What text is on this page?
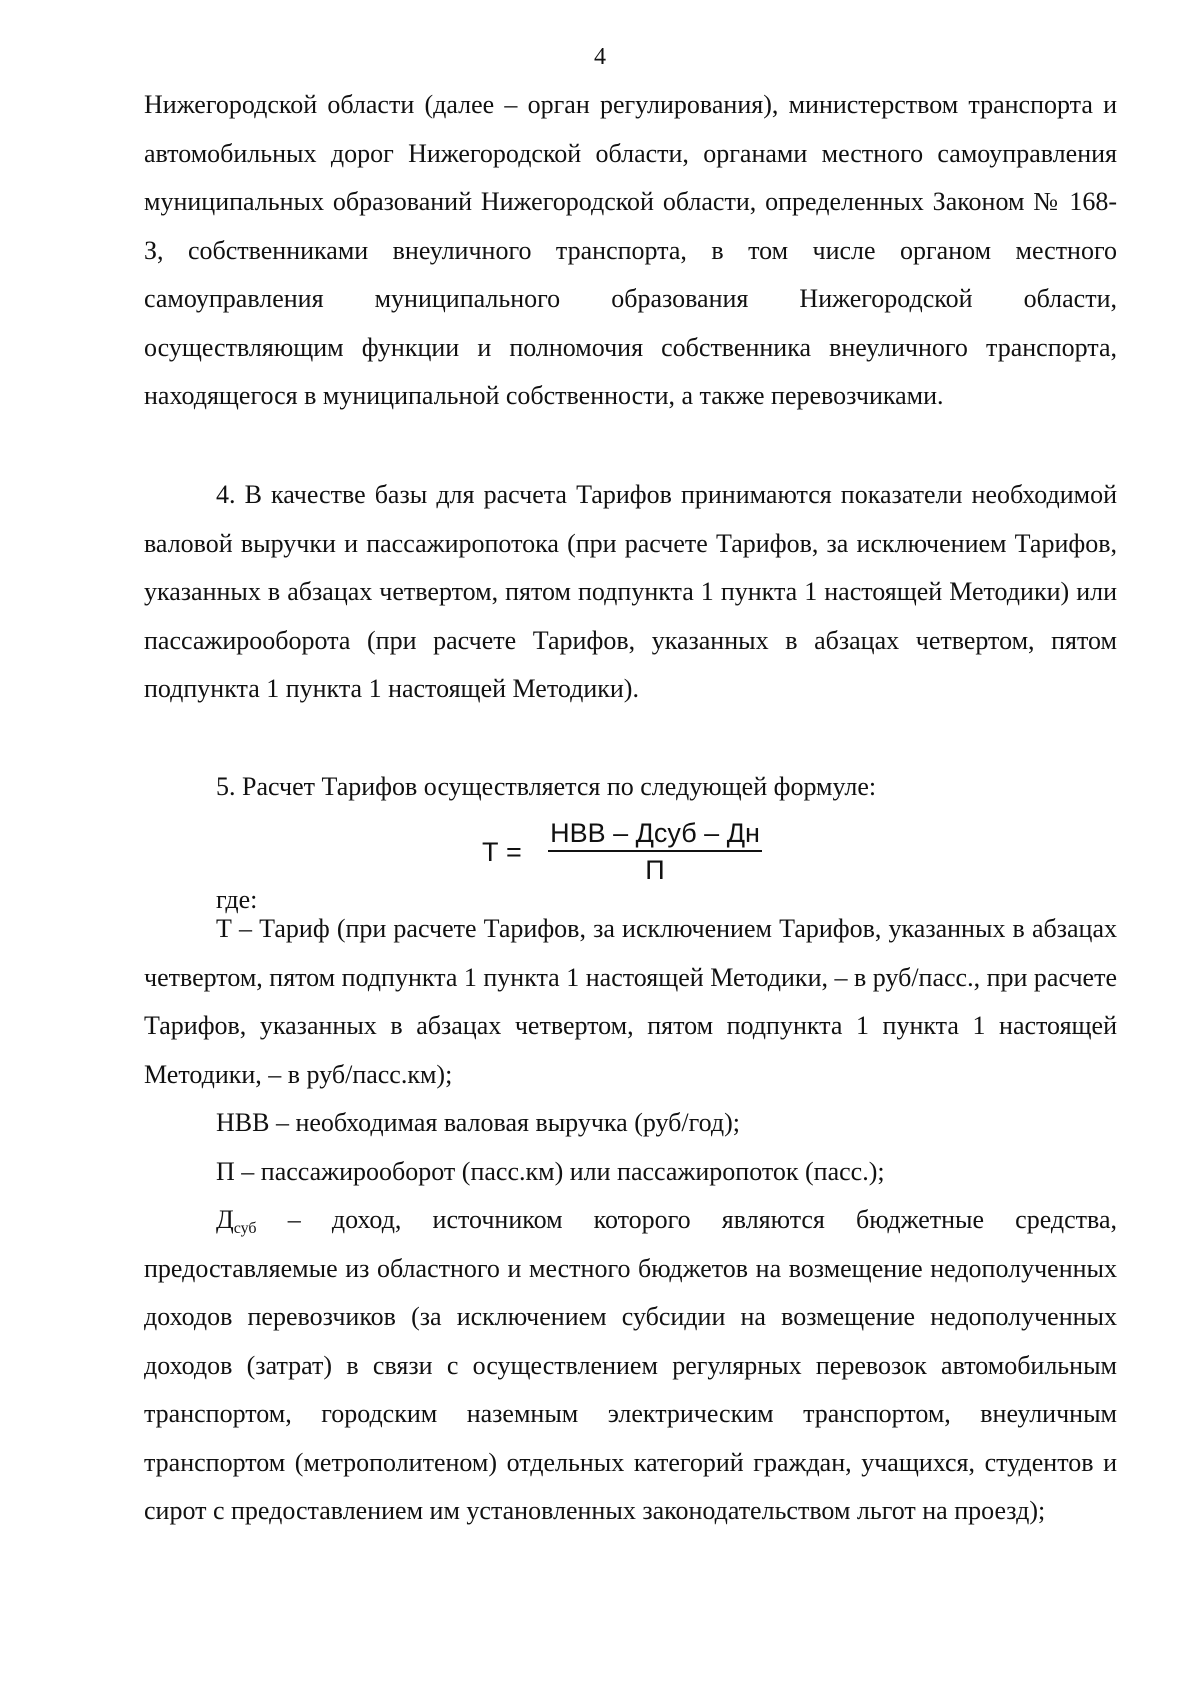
4

Нижегородской области (далее – орган регулирования), министерством транспорта и автомобильных дорог Нижегородской области, органами местного самоуправления муниципальных образований Нижегородской области, определенных Законом № 168-З, собственниками внеуличного транспорта, в том числе органом местного самоуправления муниципального образования Нижегородской области, осуществляющим функции и полномочия собственника внеуличного транспорта, находящегося в муниципальной собственности, а также перевозчиками.

4. В качестве базы для расчета Тарифов принимаются показатели необходимой валовой выручки и пассажиропотока (при расчете Тарифов, за исключением Тарифов, указанных в абзацах четвертом, пятом подпункта 1 пункта 1 настоящей Методики) или пассажирооборота (при расчете Тарифов, указанных в абзацах четвертом, пятом подпункта 1 пункта 1 настоящей Методики).

5. Расчет Тарифов осуществляется по следующей формуле:

Т =
НВВ – Дсуб – Дн
П
где:

Т – Тариф (при расчете Тарифов, за исключением Тарифов, указанных в абзацах четвертом, пятом подпункта 1 пункта 1 настоящей Методики, – в руб/пасс., при расчете Тарифов, указанных в абзацах четвертом, пятом подпункта 1 пункта 1 настоящей Методики, – в руб/пасс.км);

НВВ – необходимая валовая выручка (руб/год);

П – пассажирооборот (пасс.км) или пассажиропоток (пасс.);

$Д_{суб}$ – доход, источником которого являются бюджетные средства, предоставляемые из областного и местного бюджетов на возмещение недополученных доходов перевозчиков (за исключением субсидии на возмещение недополученных доходов (затрат) в связи с осуществлением регулярных перевозок автомобильным транспортом, городским наземным электрическим транспортом, внеуличным транспортом (метрополитеном) отдельных категорий граждан, учащихся, студентов и сирот с предоставлением им установленных законодательством льгот на проезд);
